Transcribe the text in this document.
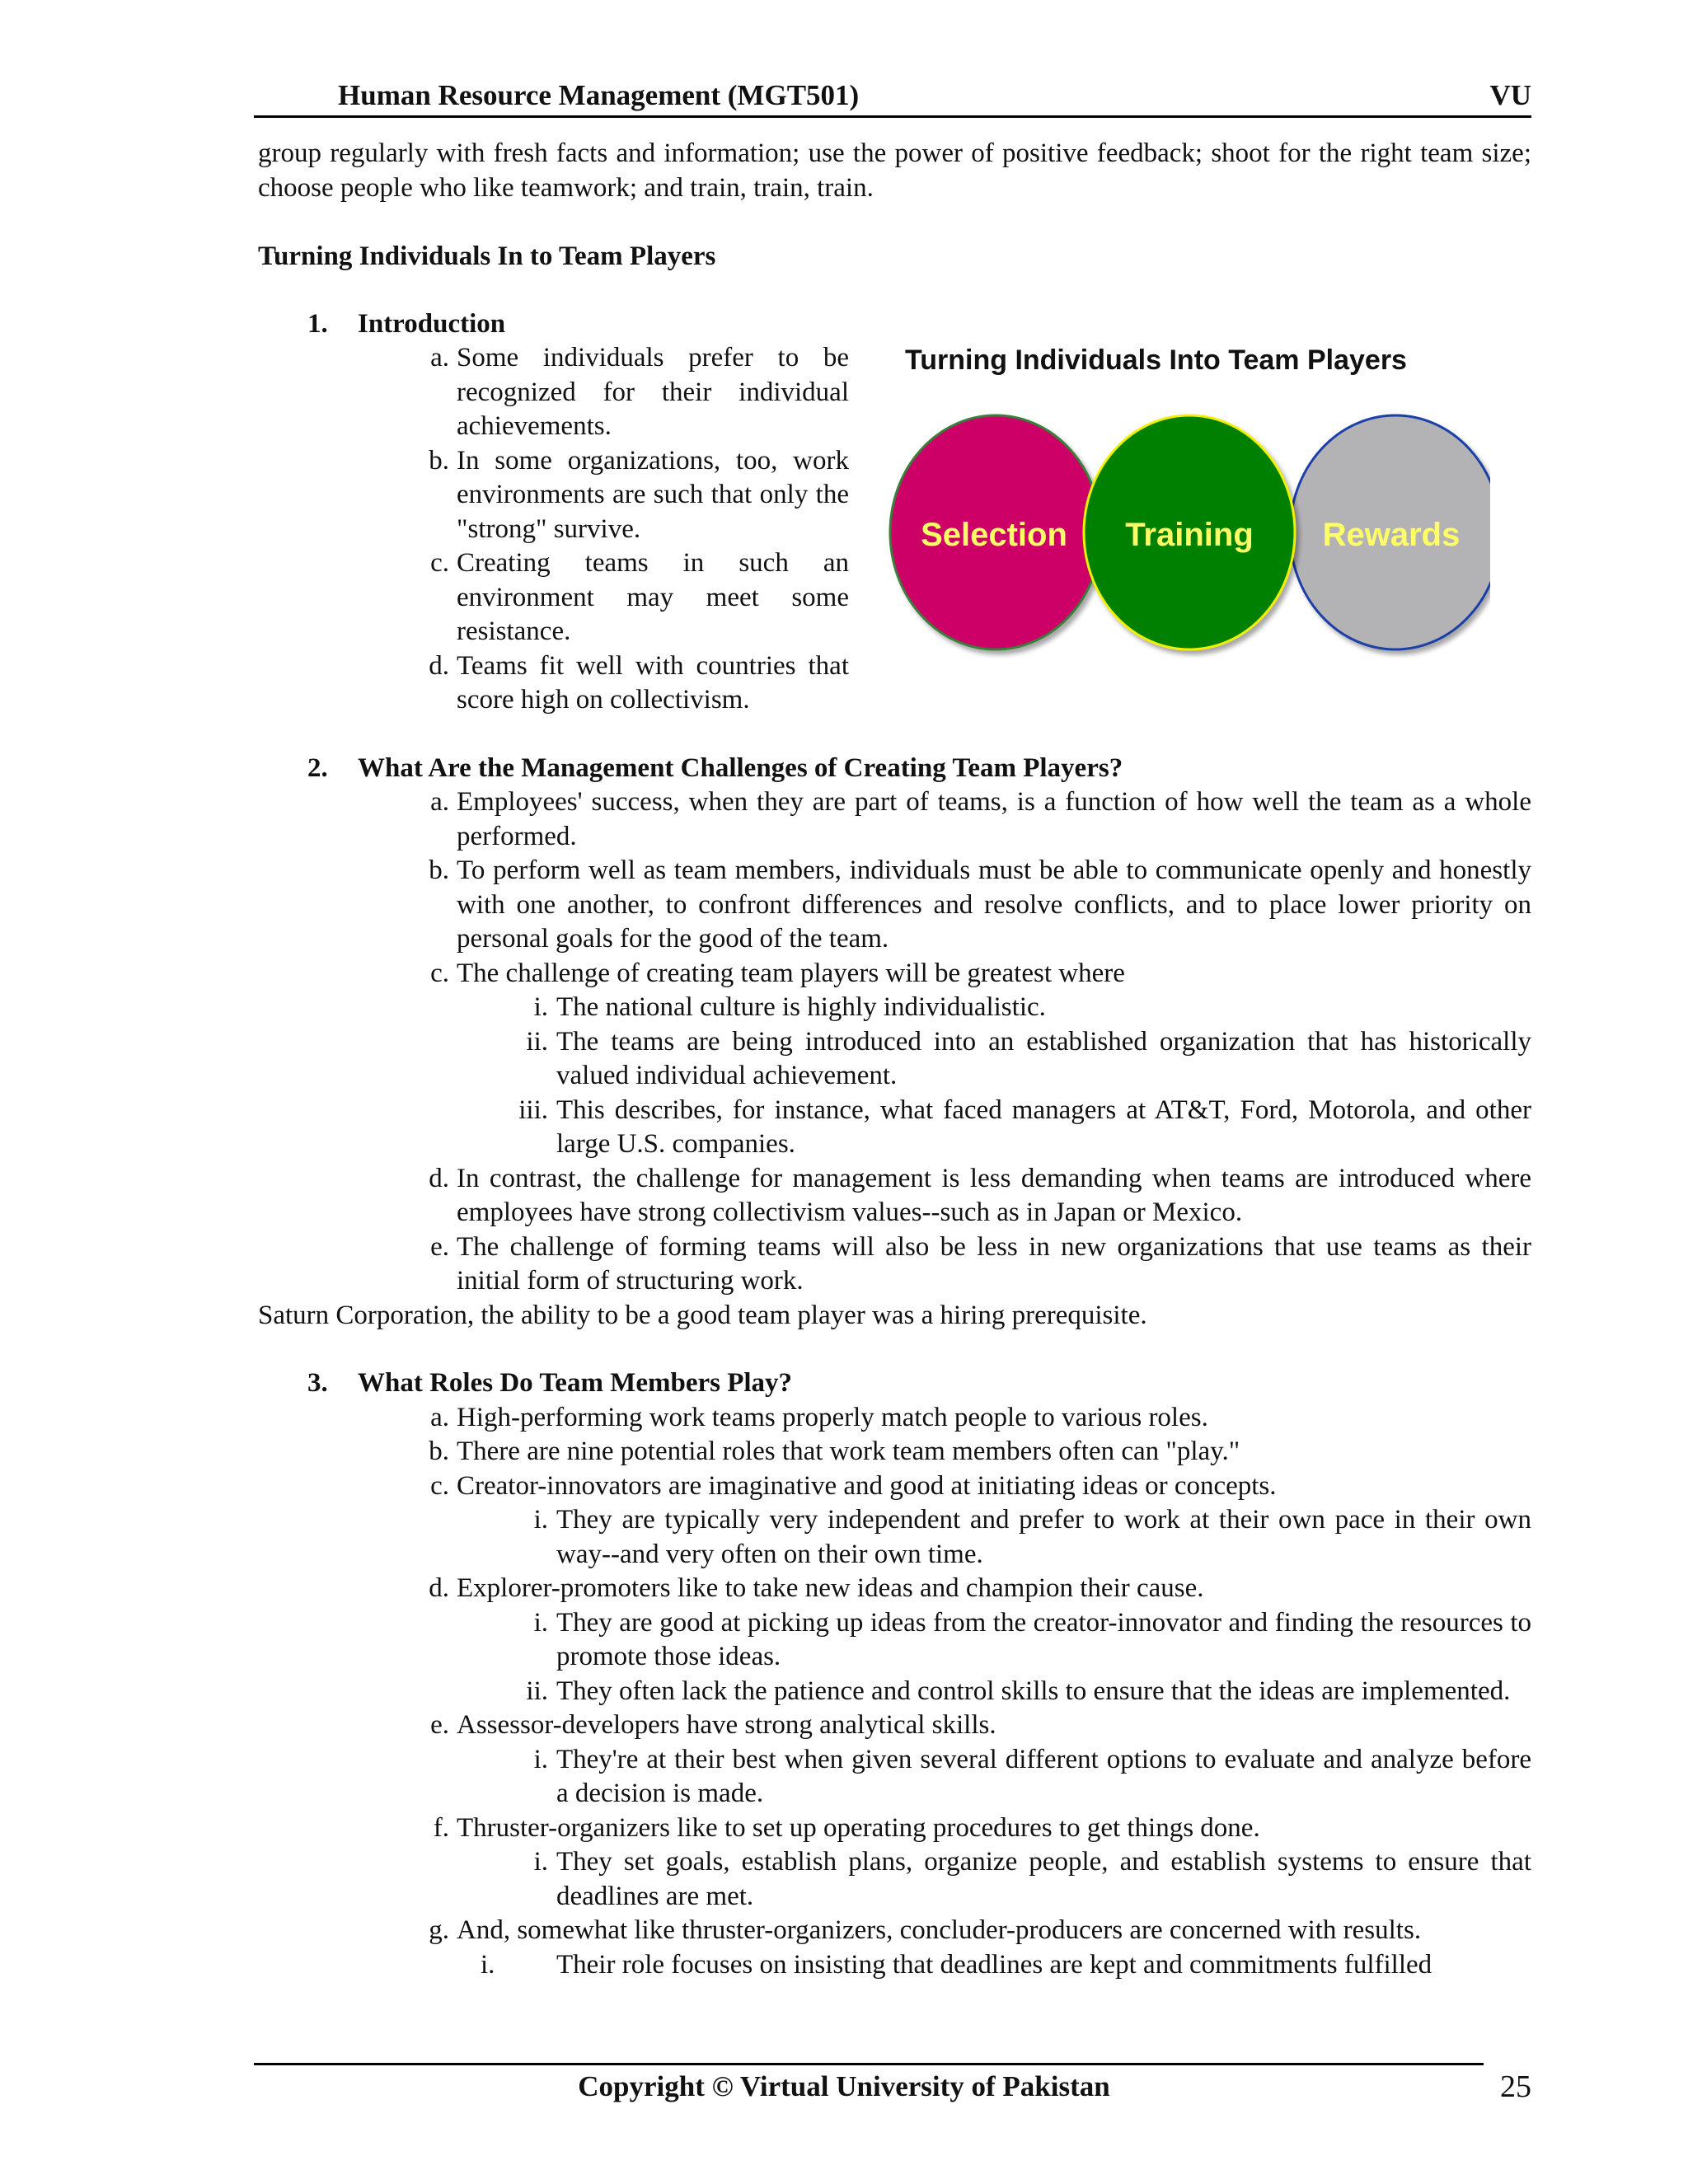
Human Resource Management (MGT501)	VU

group regularly with fresh facts and information; use the power of positive feedback; shoot for the right team size; choose people who like teamwork; and train, train, train.

Turning Individuals In to Team Players
1.	Introduction
a. Some individuals prefer to be recognized for their individual achievements.
b. In some organizations, too, work environments are such that only the "strong" survive.
c. Creating teams in such an environment may meet some resistance.
d. Teams fit well with countries that score high on collectivism.
2.	What Are the Management Challenges of Creating Team Players?
a. Employees' success, when they are part of teams, is a function of how well the team as a whole performed.
b. To perform well as team members, individuals must be able to communicate openly and honestly with one another, to confront differences and resolve conflicts, and to place lower priority on personal goals for the good of the team.
c. The challenge of creating team players will be greatest where
i. The national culture is highly individualistic.
ii. The teams are being introduced into an established organization that has historically valued individual achievement.
iii. This describes, for instance, what faced managers at AT&T, Ford, Motorola, and other large U.S. companies.
d. In contrast, the challenge for management is less demanding when teams are introduced where employees have strong collectivism values--such as in Japan or Mexico.
e. The challenge of forming teams will also be less in new organizations that use teams as their initial form of structuring work.
Saturn Corporation, the ability to be a good team player was a hiring prerequisite.
3.	What Roles Do Team Members Play?
a. High-performing work teams properly match people to various roles.
b. There are nine potential roles that work team members often can "play."
c. Creator-innovators are imaginative and good at initiating ideas or concepts.
i. They are typically very independent and prefer to work at their own pace in their own way--and very often on their own time.
d. Explorer-promoters like to take new ideas and champion their cause.
i. They are good at picking up ideas from the creator-innovator and finding the resources to promote those ideas.
ii. They often lack the patience and control skills to ensure that the ideas are implemented.
e. Assessor-developers have strong analytical skills.
i. They're at their best when given several different options to evaluate and analyze before a decision is made.
f. Thruster-organizers like to set up operating procedures to get things done.
i. They set goals, establish plans, organize people, and establish systems to ensure that deadlines are met.
g. And, somewhat like thruster-organizers, concluder-producers are concerned with results.
i.	Their role focuses on insisting that deadlines are kept and commitments fulfilled
Turning Individuals Into Team Players
Selection Training Rewards
Copyright © Virtual University of Pakistan	25
